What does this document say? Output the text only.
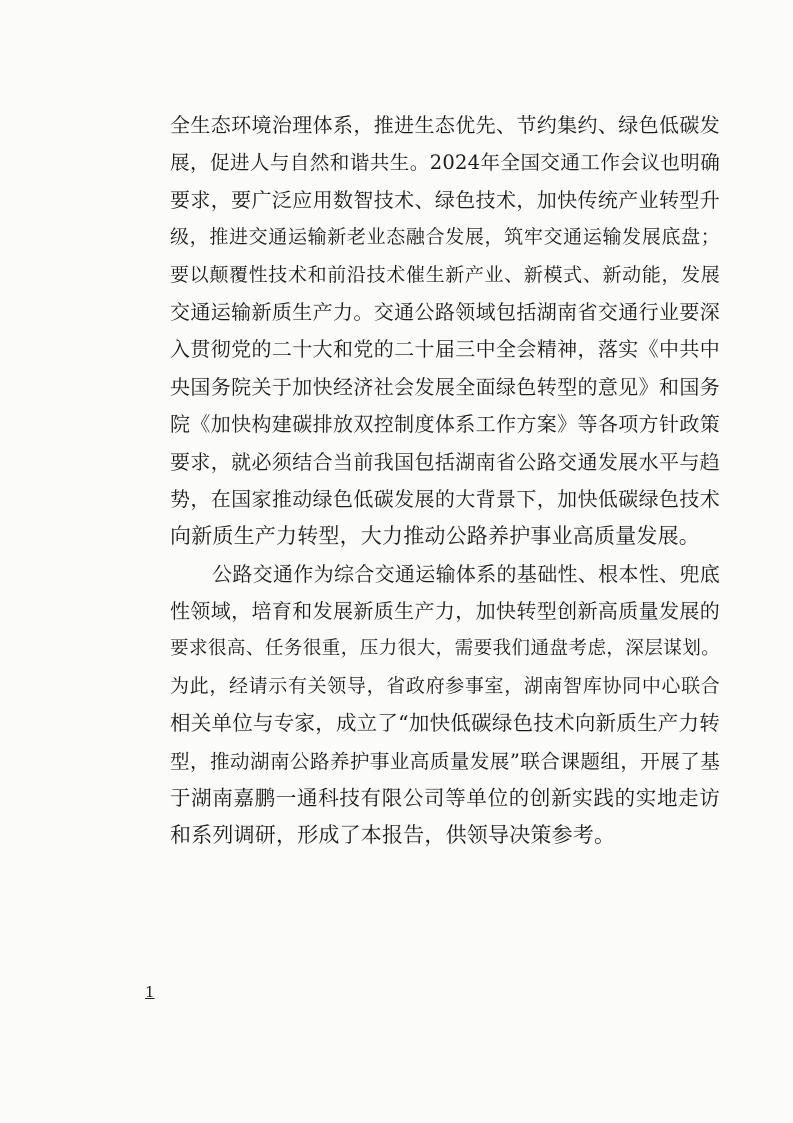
全生态环境治理体系，推进生态优先、节约集约、绿色低碳发
展，促进人与自然和谐共生。2024年全国交通工作会议也明确
要求，要广泛应用数智技术、绿色技术，加快传统产业转型升
级，推进交通运输新老业态融合发展，筑牢交通运输发展底盘；
要以颠覆性技术和前沿技术催生新产业、新模式、新动能，发展
交通运输新质生产力。交通公路领域包括湖南省交通行业要深
入贯彻党的二十大和党的二十届三中全会精神，落实《中共中
央国务院关于加快经济社会发展全面绿色转型的意见》和国务
院《加快构建碳排放双控制度体系工作方案》等各项方针政策
要求，就必须结合当前我国包括湖南省公路交通发展水平与趋
势，在国家推动绿色低碳发展的大背景下，加快低碳绿色技术
向新质生产力转型，大力推动公路养护事业高质量发展。
公路交通作为综合交通运输体系的基础性、根本性、兜底
性领域，培育和发展新质生产力，加快转型创新高质量发展的
要求很高、任务很重，压力很大，需要我们通盘考虑，深层谋划。
为此，经请示有关领导，省政府参事室，湖南智库协同中心联合
相关单位与专家，成立了“加快低碳绿色技术向新质生产力转
型，推动湖南公路养护事业高质量发展”联合课题组，开展了基
于湖南嘉鹏一通科技有限公司等单位的创新实践的实地走访
和系列调研，形成了本报告，供领导决策参考。
1
